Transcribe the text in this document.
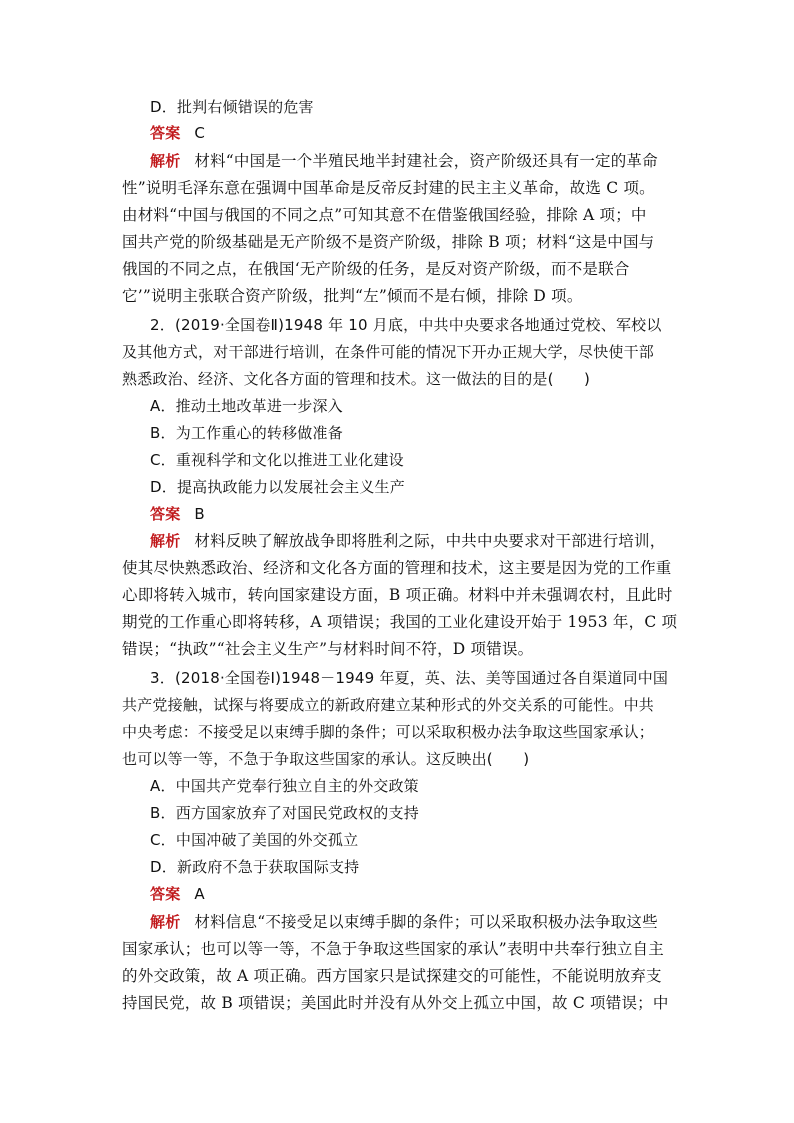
D．批判右倾错误的危害
答案 C
解析 材料“中国是一个半殖民地半封建社会，资产阶级还具有一定的革命
性”说明毛泽东意在强调中国革命是反帝反封建的民主主义革命，故选 C 项。
由材料“中国与俄国的不同之点”可知其意不在借鉴俄国经验，排除 A 项；中
国共产党的阶级基础是无产阶级不是资产阶级，排除 B 项；材料“这是中国与
俄国的不同之点，在俄国‘无产阶级的任务，是反对资产阶级，而不是联合
它’”说明主张联合资产阶级，批判“左”倾而不是右倾，排除 D 项。
2．(2019·全国卷Ⅱ)1948 年 10 月底，中共中央要求各地通过党校、军校以
及其他方式，对干部进行培训，在条件可能的情况下开办正规大学，尽快使干部
熟悉政治、经济、文化各方面的管理和技术。这一做法的目的是(　　)
A．推动土地改革进一步深入
B．为工作重心的转移做准备
C．重视科学和文化以推进工业化建设
D．提高执政能力以发展社会主义生产
答案 B
解析 材料反映了解放战争即将胜利之际，中共中央要求对干部进行培训，
使其尽快熟悉政治、经济和文化各方面的管理和技术，这主要是因为党的工作重
心即将转入城市，转向国家建设方面，B 项正确。材料中并未强调农村，且此时
期党的工作重心即将转移，A 项错误；我国的工业化建设开始于 1953 年，C 项
错误；“执政”“社会主义生产”与材料时间不符，D 项错误。
3．(2018·全国卷Ⅰ)1948－1949 年夏，英、法、美等国通过各自渠道同中国
共产党接触，试探与将要成立的新政府建立某种形式的外交关系的可能性。中共
中央考虑：不接受足以束缚手脚的条件；可以采取积极办法争取这些国家承认；
也可以等一等，不急于争取这些国家的承认。这反映出(　　)
A．中国共产党奉行独立自主的外交政策
B．西方国家放弃了对国民党政权的支持
C．中国冲破了美国的外交孤立
D．新政府不急于获取国际支持
答案 A
解析 材料信息“不接受足以束缚手脚的条件；可以采取积极办法争取这些
国家承认；也可以等一等，不急于争取这些国家的承认”表明中共奉行独立自主
的外交政策，故 A 项正确。西方国家只是试探建交的可能性，不能说明放弃支
持国民党，故 B 项错误；美国此时并没有从外交上孤立中国，故 C 项错误；中
